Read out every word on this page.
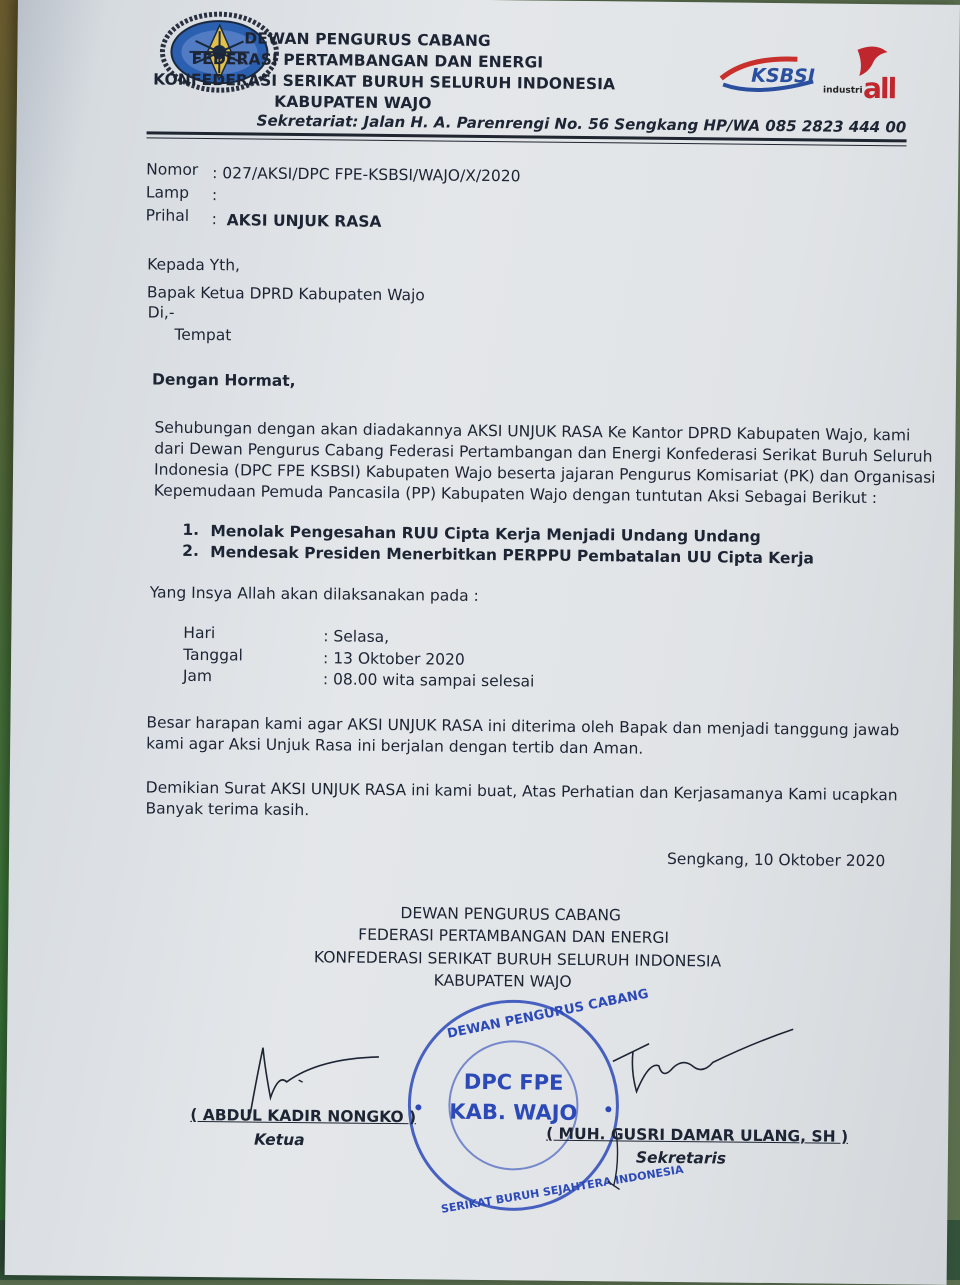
DEWAN PENGURUS CABANG
FEDERASI PERTAMBANGAN DAN ENERGI
KONFEDERASI SERIKAT BURUH SELURUH INDONESIA
KABUPATEN WAJO
KSBSI
industri all
Sekretariat: Jalan H. A. Parenrengi No. 56 Sengkang HP/WA 085 2823 444 00
Nomor : 027/AKSI/DPC FPE-KSBSI/WAJO/X/2020
Lamp :
Prihal : AKSI UNJUK RASA
Kepada Yth,
Bapak Ketua DPRD Kabupaten Wajo
Di,-
Tempat
Dengan Hormat,
Sehubungan dengan akan diadakannya AKSI UNJUK RASA Ke Kantor DPRD Kabupaten Wajo, kami
dari Dewan Pengurus Cabang Federasi Pertambangan dan Energi Konfederasi Serikat Buruh Seluruh
Indonesia (DPC FPE KSBSI) Kabupaten Wajo beserta jajaran Pengurus Komisariat (PK) dan Organisasi
Kepemudaan Pemuda Pancasila (PP) Kabupaten Wajo dengan tuntutan Aksi Sebagai Berikut :
1. Menolak Pengesahan RUU Cipta Kerja Menjadi Undang Undang
2. Mendesak Presiden Menerbitkan PERPPU Pembatalan UU Cipta Kerja
Yang Insya Allah akan dilaksanakan pada :
Hari	: Selasa,
Tanggal	: 13 Oktober 2020
Jam	: 08.00 wita sampai selesai
Besar harapan kami agar AKSI UNJUK RASA ini diterima oleh Bapak dan menjadi tanggung jawab
kami agar Aksi Unjuk Rasa ini berjalan dengan tertib dan Aman.
Demikian Surat AKSI UNJUK RASA ini kami buat, Atas Perhatian dan Kerjasamanya Kami ucapkan
Banyak terima kasih.
Sengkang, 10 Oktober 2020
DEWAN PENGURUS CABANG
FEDERASI PERTAMBANGAN DAN ENERGI
KONFEDERASI SERIKAT BURUH SELURUH INDONESIA
KABUPATEN WAJO
DEWAN PENGURUS CABANG
SERIKAT BURUH SEJAHTERA INDONESIA
DPC FPE
KAB. WAJO
( ABDUL KADIR NONGKO )
Ketua	( MUH. GUSRI DAMAR ULANG, SH )
Sekretaris
